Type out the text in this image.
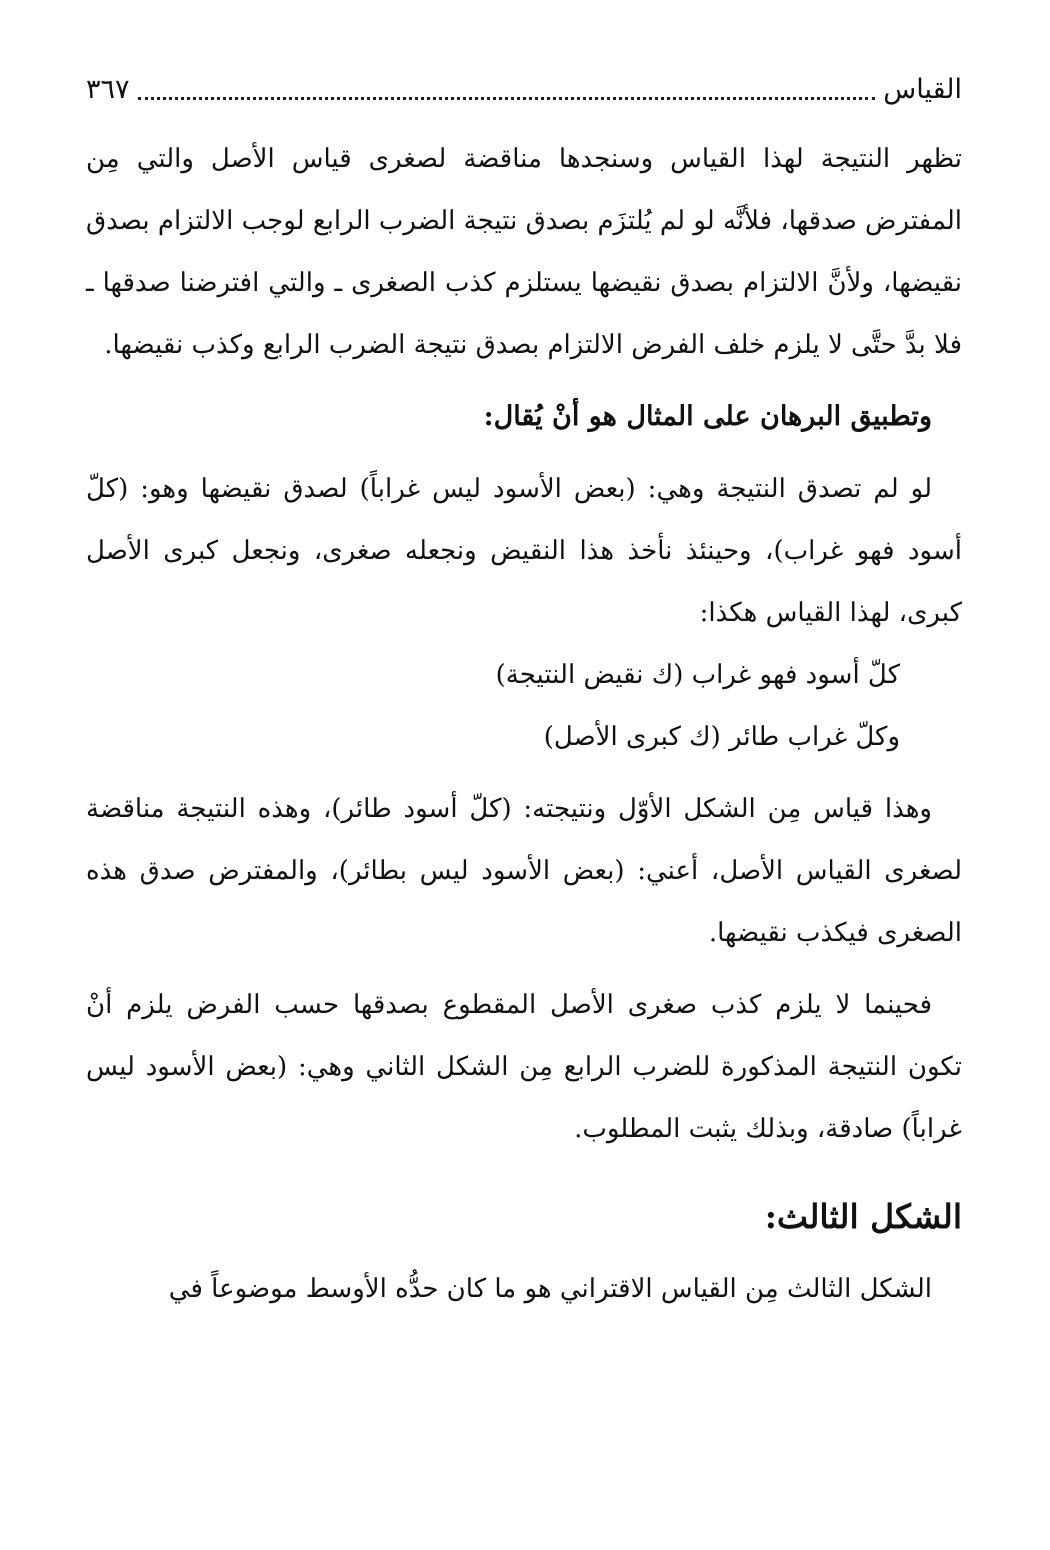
القياس
٣٦٧

تظهر النتيجة لهذا القياس وسنجدها مناقضة لصغرى قياس الأصل والتي مِن المفترض صدقها، فلأنَّه لو لم يُلتزَم بصدق نتيجة الضرب الرابع لوجب الالتزام بصدق نقيضها، ولأنَّ الالتزام بصدق نقيضها يستلزم كذب الصغرى ـ والتي افترضنا صدقها ـ فلا بدَّ حتَّى لا يلزم خلف الفرض الالتزام بصدق نتيجة الضرب الرابع وكذب نقيضها.

وتطبيق البرهان على المثال هو أنْ يُقال:

لو لم تصدق النتيجة وهي: (بعض الأسود ليس غراباً) لصدق نقيضها وهو: (كلّ أسود فهو غراب)، وحينئذ نأخذ هذا النقيض ونجعله صغرى، ونجعل كبرى الأصل كبرى، لهذا القياس هكذا:

كلّ أسود فهو غراب (ك نقيض النتيجة)
وكلّ غراب طائر (ك كبرى الأصل)

وهذا قياس مِن الشكل الأوّل ونتيجته: (كلّ أسود طائر)، وهذه النتيجة مناقضة لصغرى القياس الأصل، أعني: (بعض الأسود ليس بطائر)، والمفترض صدق هذه الصغرى فيكذب نقيضها.

فحينما لا يلزم كذب صغرى الأصل المقطوع بصدقها حسب الفرض يلزم أنْ تكون النتيجة المذكورة للضرب الرابع مِن الشكل الثاني وهي: (بعض الأسود ليس غراباً) صادقة، وبذلك يثبت المطلوب.

الشكل الثالث:

الشكل الثالث مِن القياس الاقتراني هو ما كان حدُّه الأوسط موضوعاً في
